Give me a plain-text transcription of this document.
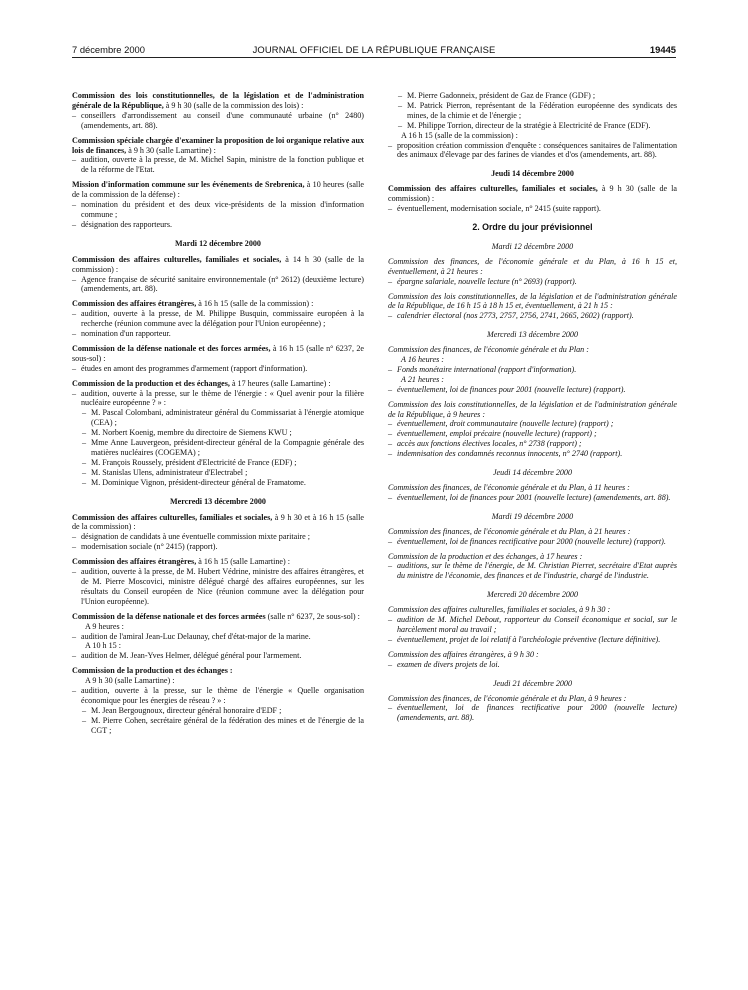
7 décembre 2000	JOURNAL OFFICIEL DE LA RÉPUBLIQUE FRANÇAISE	19445
Commission des lois constitutionnelles, de la législation et de l'administration générale de la République, à 9 h 30 (salle de la commission des lois) :
– conseillers d'arrondissement au conseil d'une communauté urbaine (n° 2480) (amendements, art. 88).
Commission spéciale chargée d'examiner la proposition de loi organique relative aux lois de finances, à 9 h 30 (salle Lamartine) :
– audition, ouverte à la presse, de M. Michel Sapin, ministre de la fonction publique et de la réforme de l'Etat.
Mission d'information commune sur les événements de Srebrenica, à 10 heures (salle de la commission de la défense) :
– nomination du président et des deux vice-présidents de la mission d'information commune ;
– désignation des rapporteurs.
Mardi 12 décembre 2000
Commission des affaires culturelles, familiales et sociales, à 14 h 30 (salle de la commission) :
– Agence française de sécurité sanitaire environnementale (n° 2612) (deuxième lecture) (amendements, art. 88).
Commission des affaires étrangères, à 16 h 15 (salle de la commission) :
– audition, ouverte à la presse, de M. Philippe Busquin, commissaire européen à la recherche (réunion commune avec la délégation pour l'Union européenne) ;
– nomination d'un rapporteur.
Commission de la défense nationale et des forces armées, à 16 h 15 (salle n° 6237, 2e sous-sol) :
– études en amont des programmes d'armement (rapport d'information).
Commission de la production et des échanges, à 17 heures (salle Lamartine) :
– audition, ouverte à la presse, sur le thème de l'énergie : « Quel avenir pour la filière nucléaire européenne ? » :
– M. Pascal Colombani, administrateur général du Commissariat à l'énergie atomique (CEA) ;
– M. Norbert Koenig, membre du directoire de Siemens KWU ;
– Mme Anne Lauvergeon, président-directeur général de la Compagnie générale des matières nucléaires (COGEMA) ;
– M. François Roussely, président d'Electricité de France (EDF) ;
– M. Stanislas Ulens, administrateur d'Electrabel ;
– M. Dominique Vignon, président-directeur général de Framatome.
Mercredi 13 décembre 2000
Commission des affaires culturelles, familiales et sociales, à 9 h 30 et à 16 h 15 (salle de la commission) :
– désignation de candidats à une éventuelle commission mixte paritaire ;
– modernisation sociale (n° 2415) (rapport).
Commission des affaires étrangères, à 16 h 15 (salle Lamartine) :
– audition, ouverte à la presse, de M. Hubert Védrine, ministre des affaires étrangères, et de M. Pierre Moscovici, ministre délégué chargé des affaires européennes, sur les résultats du Conseil européen de Nice (réunion commune avec la délégation pour l'Union européenne).
Commission de la défense nationale et des forces armées (salle n° 6237, 2e sous-sol) :
A 9 heures :
– audition de l'amiral Jean-Luc Delaunay, chef d'état-major de la marine.
A 10 h 15 :
– audition de M. Jean-Yves Helmer, délégué général pour l'armement.
Commission de la production et des échanges :
A 9 h 30 (salle Lamartine) :
– audition, ouverte à la presse, sur le thème de l'énergie « Quelle organisation économique pour les énergies de réseau ? » :
– M. Jean Bergougnoux, directeur général honoraire d'EDF ;
– M. Pierre Cohen, secrétaire général de la fédération des mines et de l'énergie de la CGT ;
– M. Pierre Gadonneix, président de Gaz de France (GDF) ;
– M. Patrick Pierron, représentant de la Fédération européenne des syndicats des mines, de la chimie et de l'énergie ;
– M. Philippe Torrion, directeur de la stratégie à Electricité de France (EDF).
A 16 h 15 (salle de la commission) :
– proposition création commission d'enquête : conséquences sanitaires de l'alimentation des animaux d'élevage par des farines de viandes et d'os (amendements, art. 88).
Jeudi 14 décembre 2000
Commission des affaires culturelles, familiales et sociales, à 9 h 30 (salle de la commission) :
– éventuellement, modernisation sociale, n° 2415 (suite rapport).
2. Ordre du jour prévisionnel
Mardi 12 décembre 2000
Commission des finances, de l'économie générale et du Plan, à 16 h 15 et, éventuellement, à 21 heures :
– épargne salariale, nouvelle lecture (n° 2693) (rapport).
Commission des lois constitutionnelles, de la législation et de l'administration générale de la République, de 16 h 15 à 18 h 15 et, éventuellement, à 21 h 15 :
– calendrier électoral (nos 2773, 2757, 2756, 2741, 2665, 2602) (rapport).
Mercredi 13 décembre 2000
Commission des finances, de l'économie générale et du Plan :
A 16 heures :
– Fonds monétaire international (rapport d'information).
A 21 heures :
– éventuellement, loi de finances pour 2001 (nouvelle lecture) (rapport).
Commission des lois constitutionnelles, de la législation et de l'administration générale de la République, à 9 heures :
– éventuellement, droit communautaire (nouvelle lecture) (rapport) ;
– éventuellement, emploi précaire (nouvelle lecture) (rapport) ;
– accès aux fonctions électives locales, n° 2738 (rapport) ;
– indemnisation des condamnés reconnus innocents, n° 2740 (rapport).
Jeudi 14 décembre 2000
Commission des finances, de l'économie générale et du Plan, à 11 heures :
– éventuellement, loi de finances pour 2001 (nouvelle lecture) (amendements, art. 88).
Mardi 19 décembre 2000
Commission des finances, de l'économie générale et du Plan, à 21 heures :
– éventuellement, loi de finances rectificative pour 2000 (nouvelle lecture) (rapport).
Commission de la production et des échanges, à 17 heures :
– auditions, sur le thème de l'énergie, de M. Christian Pierret, secrétaire d'Etat auprès du ministre de l'économie, des finances et de l'industrie, chargé de l'industrie.
Mercredi 20 décembre 2000
Commission des affaires culturelles, familiales et sociales, à 9 h 30 :
– audition de M. Michel Debout, rapporteur du Conseil économique et social, sur le harcèlement moral au travail ;
– éventuellement, projet de loi relatif à l'archéologie préventive (lecture définitive).
Commission des affaires étrangères, à 9 h 30 :
– examen de divers projets de loi.
Jeudi 21 décembre 2000
Commission des finances, de l'économie générale et du Plan, à 9 heures :
– éventuellement, loi de finances rectificative pour 2000 (nouvelle lecture) (amendements, art. 88).
